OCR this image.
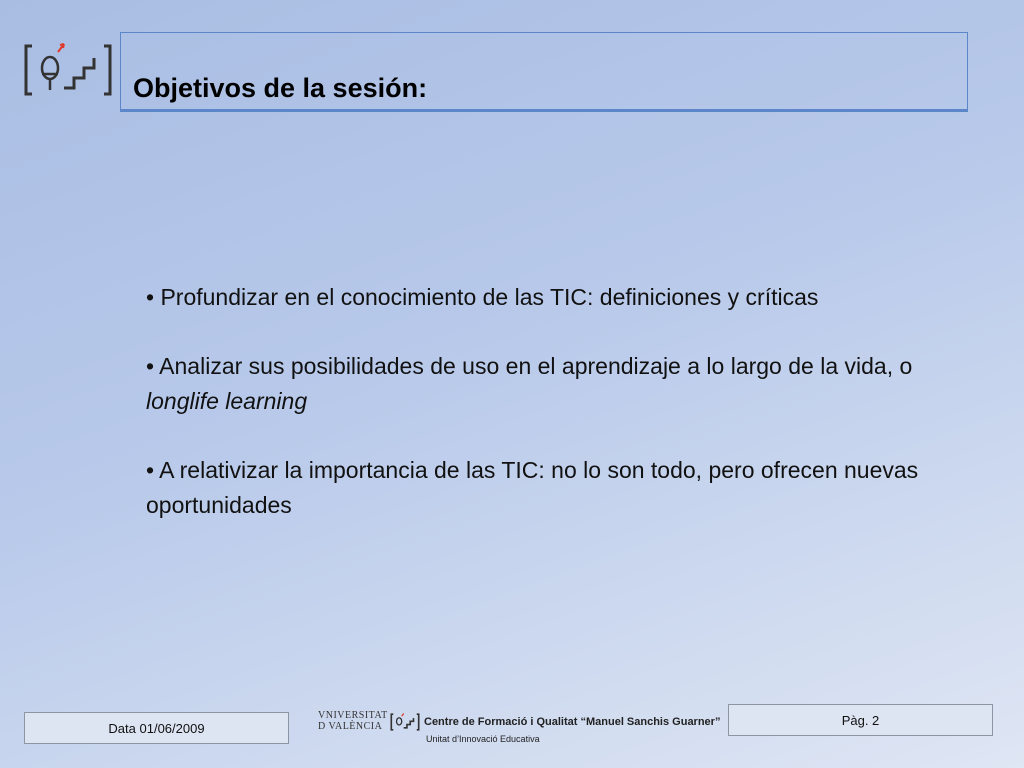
Objetivos de la sesión:

• Profundizar en el conocimiento de las TIC: definiciones y críticas

• Analizar sus posibilidades de uso en el aprendizaje a lo largo de la vida, o longlife learning

• A relativizar la importancia de las TIC: no lo son todo, pero ofrecen nuevas oportunidades

Data 01/06/2009
VNIVERSITAT
D VALÈNCIA	Centre de Formació i Qualitat “Manuel Sanchis Guarner”
Unitat d’Innovació Educativa
Pàg. 2
